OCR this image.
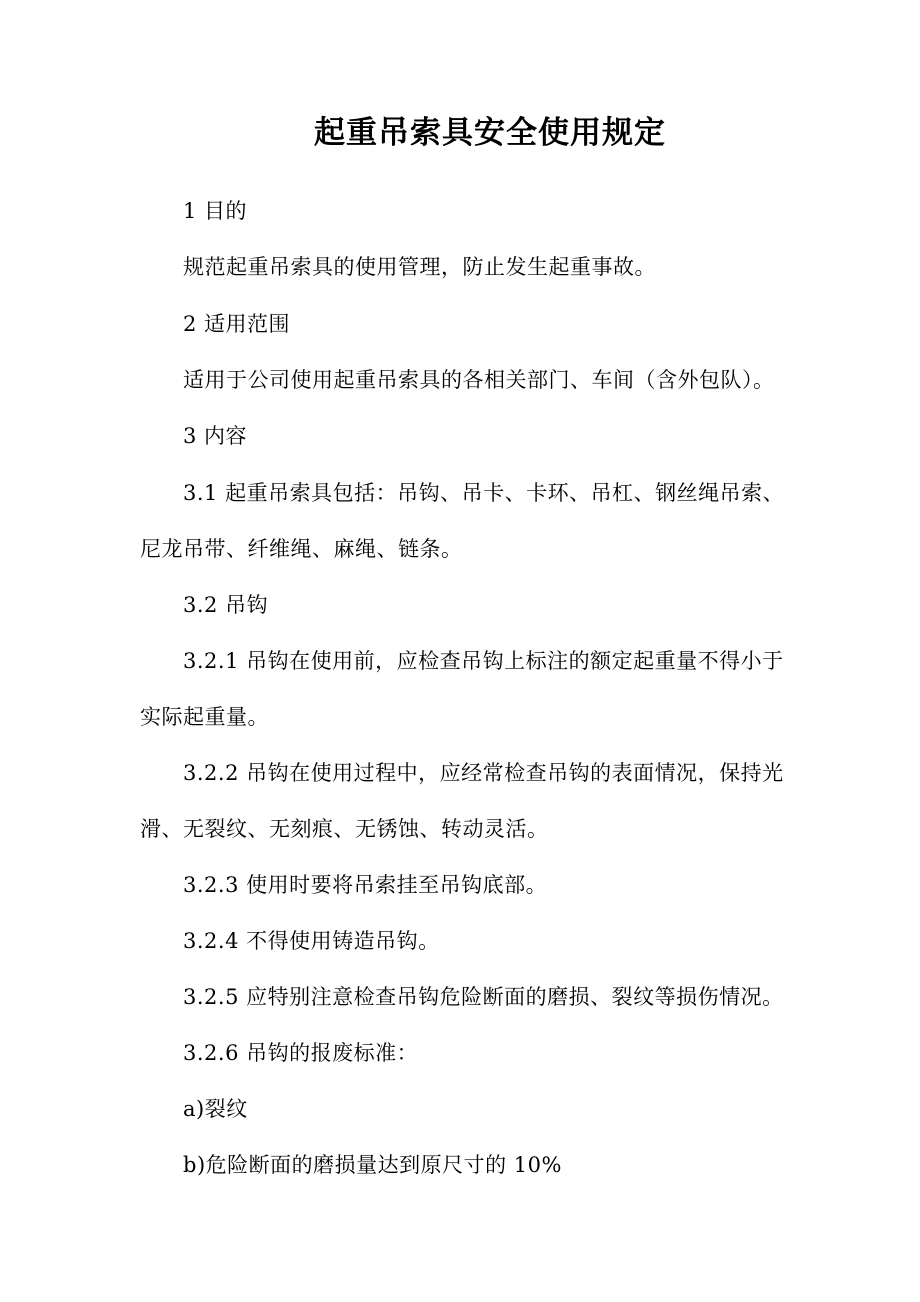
起重吊索具安全使用规定
1 目的
规范起重吊索具的使用管理，防止发生起重事故。
2 适用范围
适用于公司使用起重吊索具的各相关部门、车间（含外包队）。
3 内容
3.1 起重吊索具包括：吊钩、吊卡、卡环、吊杠、钢丝绳吊索、
尼龙吊带、纤维绳、麻绳、链条。
3.2 吊钩
3.2.1 吊钩在使用前，应检查吊钩上标注的额定起重量不得小于
实际起重量。
3.2.2 吊钩在使用过程中，应经常检查吊钩的表面情况，保持光
滑、无裂纹、无刻痕、无锈蚀、转动灵活。
3.2.3 使用时要将吊索挂至吊钩底部。
3.2.4 不得使用铸造吊钩。
3.2.5 应特别注意检查吊钩危险断面的磨损、裂纹等损伤情况。
3.2.6 吊钩的报废标准：
a)裂纹
b)危险断面的磨损量达到原尺寸的 10%
